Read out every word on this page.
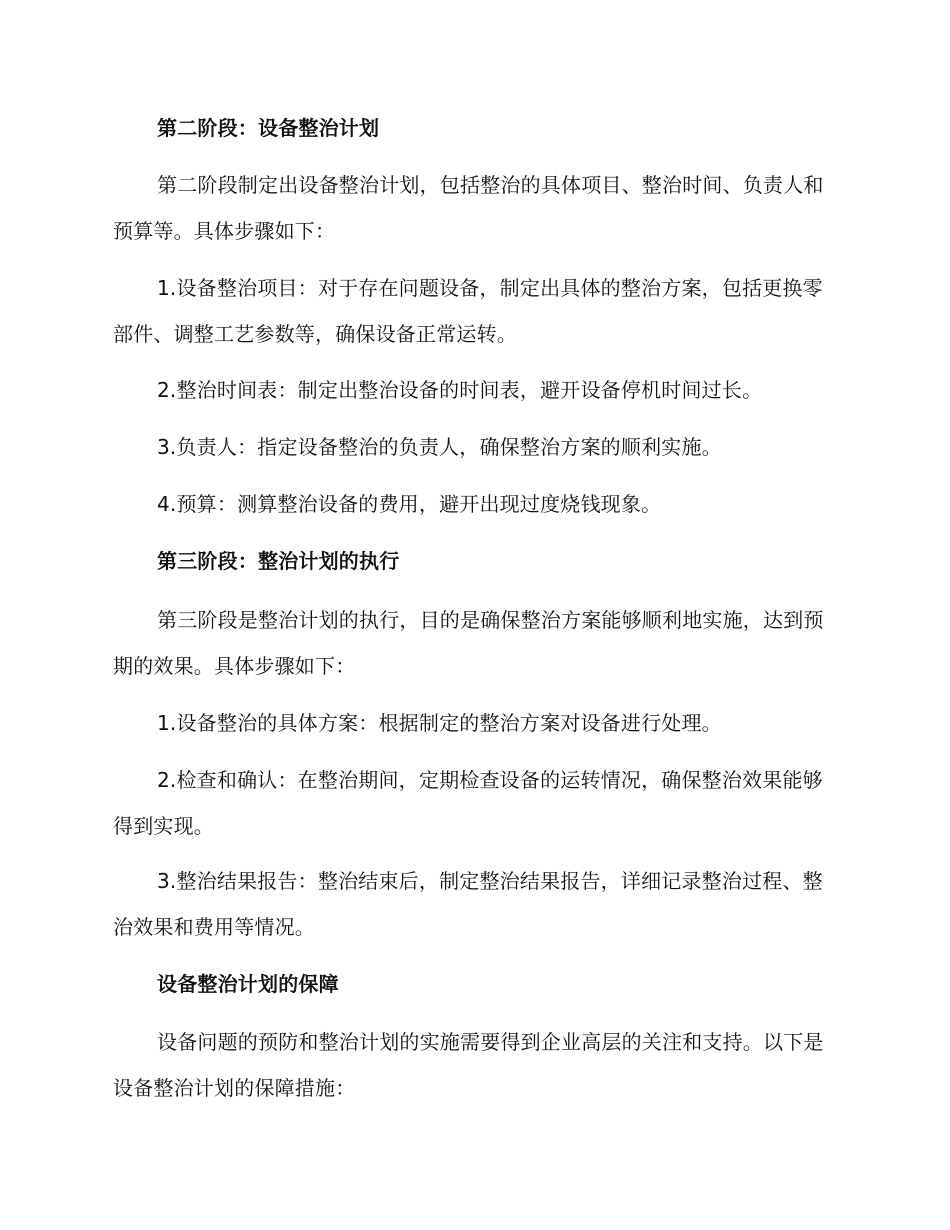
第二阶段：设备整治计划

第二阶段制定出设备整治计划，包括整治的具体项目、整治时间、负责人和预算等。具体步骤如下：

1.设备整治项目：对于存在问题设备，制定出具体的整治方案，包括更换零部件、调整工艺参数等，确保设备正常运转。

2.整治时间表：制定出整治设备的时间表，避开设备停机时间过长。

3.负责人：指定设备整治的负责人，确保整治方案的顺利实施。

4.预算：测算整治设备的费用，避开出现过度烧钱现象。

第三阶段：整治计划的执行

第三阶段是整治计划的执行，目的是确保整治方案能够顺利地实施，达到预期的效果。具体步骤如下：

1.设备整治的具体方案：根据制定的整治方案对设备进行处理。

2.检查和确认：在整治期间，定期检查设备的运转情况，确保整治效果能够得到实现。

3.整治结果报告：整治结束后，制定整治结果报告，详细记录整治过程、整治效果和费用等情况。

设备整治计划的保障

设备问题的预防和整治计划的实施需要得到企业高层的关注和支持。以下是设备整治计划的保障措施：
